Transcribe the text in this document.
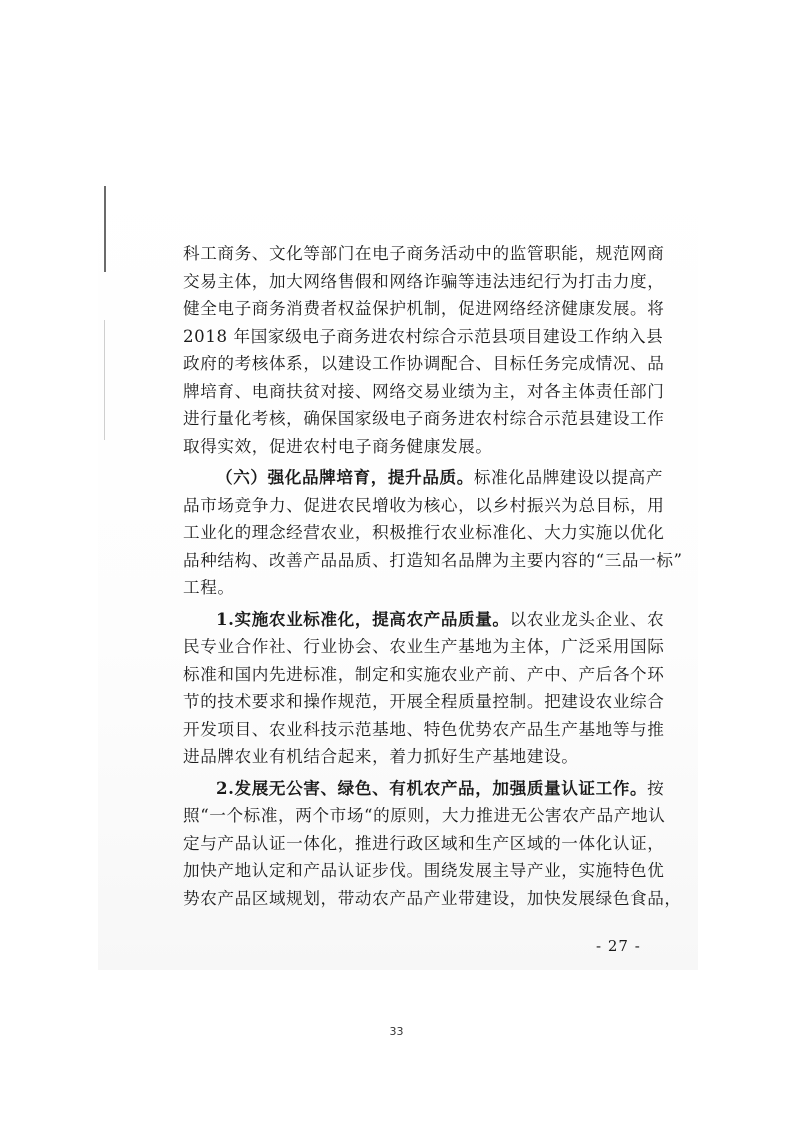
科工商务、文化等部门在电子商务活动中的监管职能，规范网商
交易主体，加大网络售假和网络诈骗等违法违纪行为打击力度，
健全电子商务消费者权益保护机制，促进网络经济健康发展。将
2018 年国家级电子商务进农村综合示范县项目建设工作纳入县
政府的考核体系，以建设工作协调配合、目标任务完成情况、品
牌培育、电商扶贫对接、网络交易业绩为主，对各主体责任部门
进行量化考核，确保国家级电子商务进农村综合示范县建设工作
取得实效，促进农村电子商务健康发展。
（六）强化品牌培育，提升品质。标准化品牌建设以提高产
品市场竞争力、促进农民增收为核心，以乡村振兴为总目标，用
工业化的理念经营农业，积极推行农业标准化、大力实施以优化
品种结构、改善产品品质、打造知名品牌为主要内容的“三品一标”
工程。
1.实施农业标准化，提高农产品质量。以农业龙头企业、农
民专业合作社、行业协会、农业生产基地为主体，广泛采用国际
标准和国内先进标准，制定和实施农业产前、产中、产后各个环
节的技术要求和操作规范，开展全程质量控制。把建设农业综合
开发项目、农业科技示范基地、特色优势农产品生产基地等与推
进品牌农业有机结合起来，着力抓好生产基地建设。
2.发展无公害、绿色、有机农产品，加强质量认证工作。按
照“一个标准，两个市场“的原则，大力推进无公害农产品产地认
定与产品认证一体化，推进行政区域和生产区域的一体化认证，
加快产地认定和产品认证步伐。围绕发展主导产业，实施特色优
势农产品区域规划，带动农产品产业带建设，加快发展绿色食品，
- 27 -
33
